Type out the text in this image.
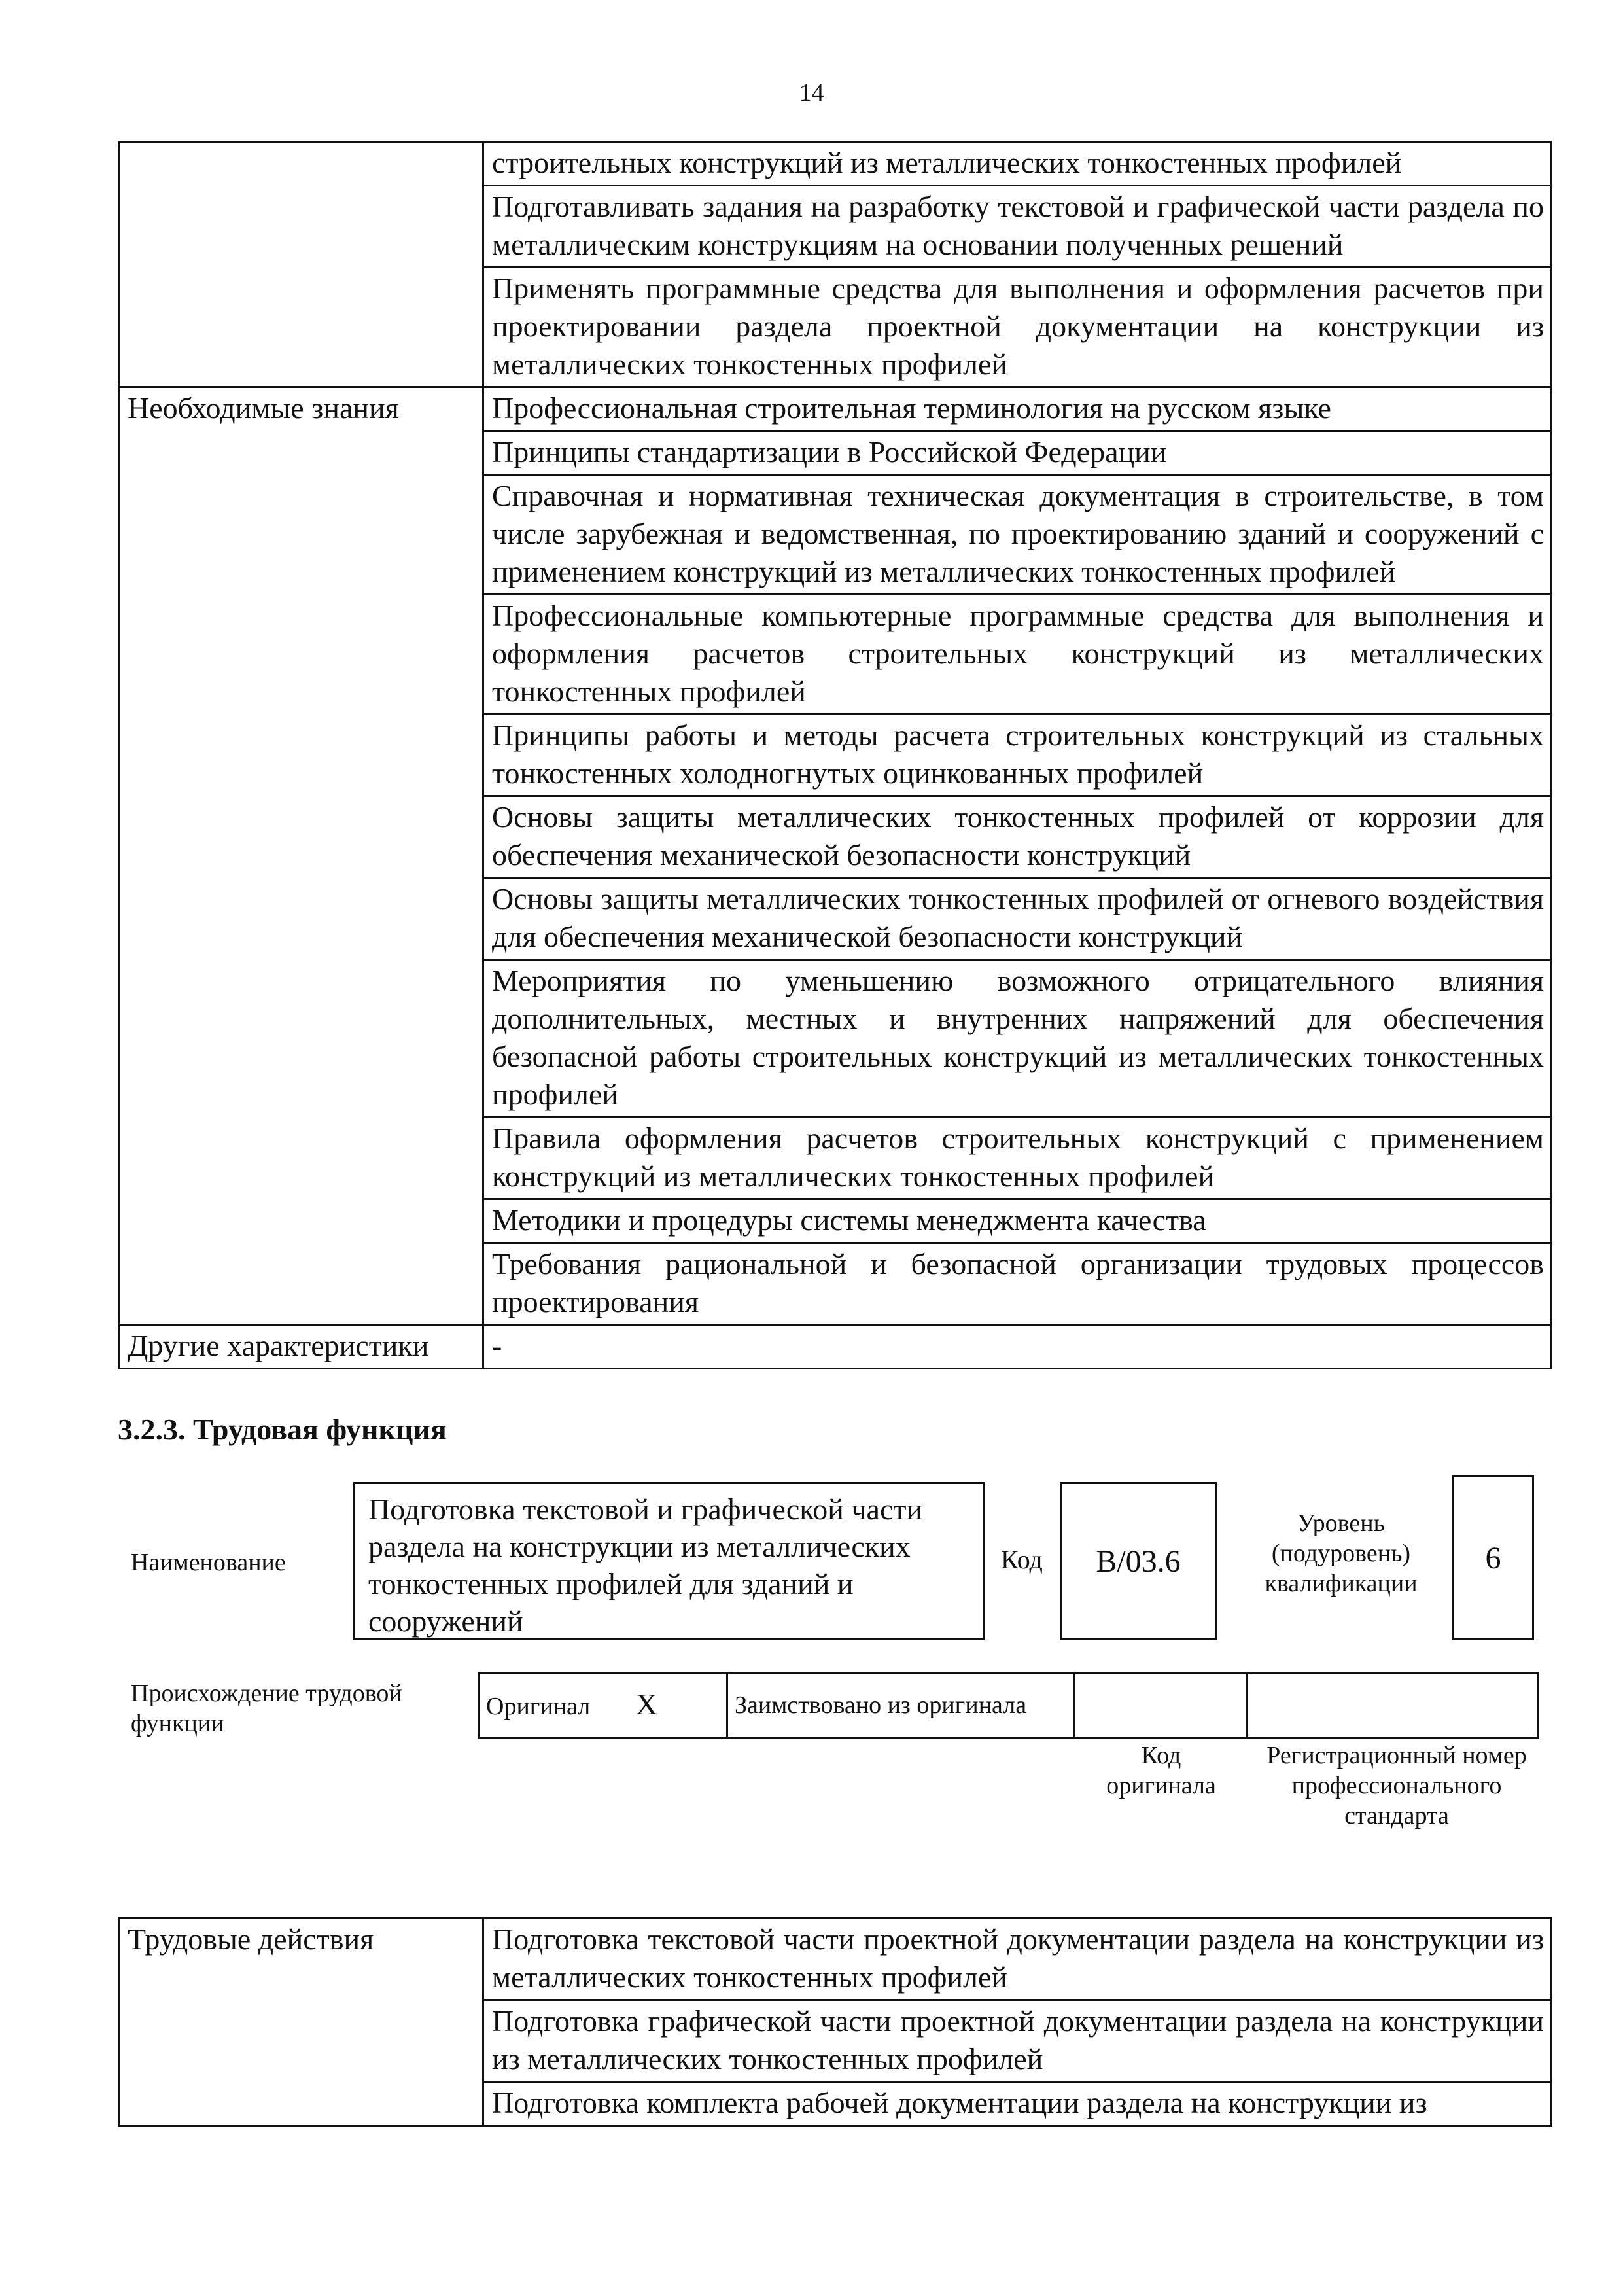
14
	строительных конструкций из металлических тонкостенных профилей
	Подготавливать задания на разработку текстовой и графической части раздела по металлическим конструкциям на основании полученных решений
	Применять программные средства для выполнения и оформления расчетов при проектировании раздела проектной документации на конструкции из металлических тонкостенных профилей
Необходимые знания	Профессиональная строительная терминология на русском языке
	Принципы стандартизации в Российской Федерации
	Справочная и нормативная техническая документация в строительстве, в том числе зарубежная и ведомственная, по проектированию зданий и сооружений с применением конструкций из металлических тонкостенных профилей
	Профессиональные компьютерные программные средства для выполнения и оформления расчетов строительных конструкций из металлических тонкостенных профилей
	Принципы работы и методы расчета строительных конструкций из стальных тонкостенных холодногнутых оцинкованных профилей
	Основы защиты металлических тонкостенных профилей от коррозии для обеспечения механической безопасности конструкций
	Основы защиты металлических тонкостенных профилей от огневого воздействия для обеспечения механической безопасности конструкций
	Мероприятия по уменьшению возможного отрицательного влияния дополнительных, местных и внутренних напряжений для обеспечения безопасной работы строительных конструкций из металлических тонкостенных профилей
	Правила оформления расчетов строительных конструкций с применением конструкций из металлических тонкостенных профилей
	Методики и процедуры системы менеджмента качества
	Требования рациональной и безопасной организации трудовых процессов проектирования
Другие характеристики	-
3.2.3. Трудовая функция
Наименование
Подготовка текстовой и графической части раздела на конструкции из металлических тонкостенных профилей для зданий и сооружений
Код	В/03.6
Уровень (подуровень) квалификации
6
Происхождение трудовой функции
Оригинал X	Заимствовано из оригинала		
Код оригинала
Регистрационный номер профессионального стандарта
Трудовые действия	Подготовка текстовой части проектной документации раздела на конструкции из металлических тонкостенных профилей
	Подготовка графической части проектной документации раздела на конструкции из металлических тонкостенных профилей
	Подготовка комплекта рабочей документации раздела на конструкции из
